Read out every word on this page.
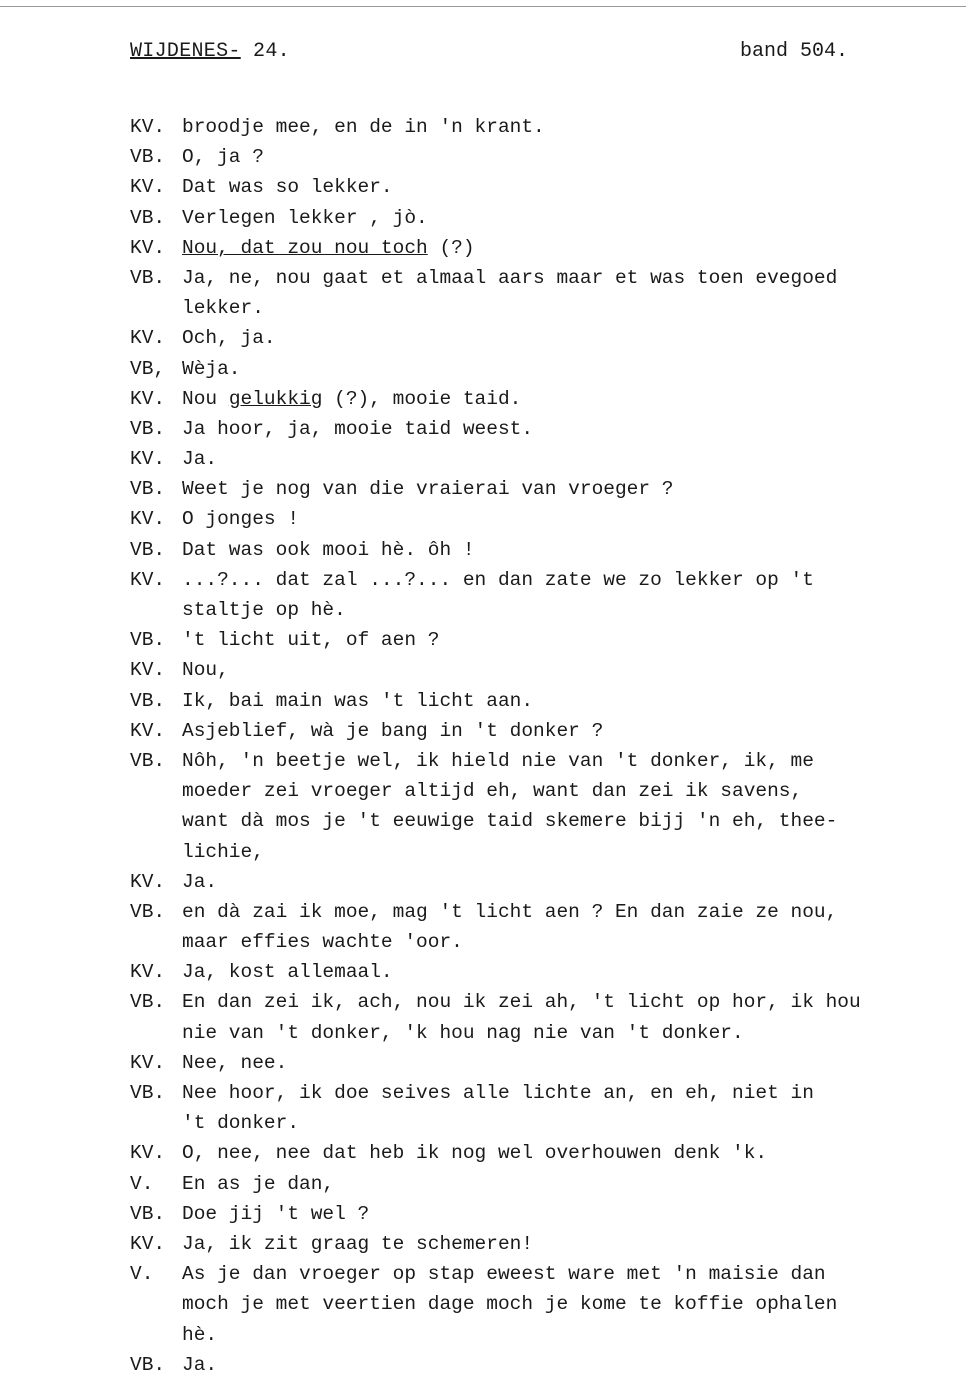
WIJDENES- 24.	band 504.
KV. broodje mee, en de in 'n krant.
VB. O, ja ?
KV. Dat was so lekker.
VB. Verlegen lekker , jò.
KV. Nou, dat zou nou toch (?)
VB. Ja, ne, nou gaat et almaal aars maar et was toen evegoed
lekker.
KV. Och, ja.
VB, Wèja.
KV. Nou gelukkig (?), mooie taid.
VB. Ja hoor, ja, mooie taid weest.
KV. Ja.
VB. Weet je nog van die vraierai van vroeger ?
KV. O jonges !
VB. Dat was ook mooi hè. ôh !
KV. ...?... dat zal ...?... en dan zate we zo lekker op 't
staltje op hè.
VB. 't licht uit, of aen ?
KV. Nou,
VB. Ik, bai main was 't licht aan.
KV. Asjeblief, wà je bang in 't donker ?
VB. Nôh, 'n beetje wel, ik hield nie van 't donker, ik, me
moeder zei vroeger altijd eh, want dan zei ik savens,
want dà mos je 't eeuwige taid skemere bijj 'n eh, thee-
lichie,
KV. Ja.
VB. en dà zai ik moe, mag 't licht aen ? En dan zaie ze nou,
maar effies wachte 'oor.
KV. Ja, kost allemaal.
VB. En dan zei ik, ach, nou ik zei ah, 't licht op hor, ik hou
nie van 't donker, 'k hou nag nie van 't donker.
KV. Nee, nee.
VB. Nee hoor, ik doe seives alle lichte an, en eh, niet in
't donker.
KV. O, nee, nee dat heb ik nog wel overhouwen denk 'k.
V.	En as je dan,
VB. Doe jij 't wel ?
KV. Ja, ik zit graag te schemeren!
V.	As je dan vroeger op stap eweest ware met 'n maisie dan
moch je met veertien dage moch je kome te koffie ophalen
hè.
VB. Ja.
